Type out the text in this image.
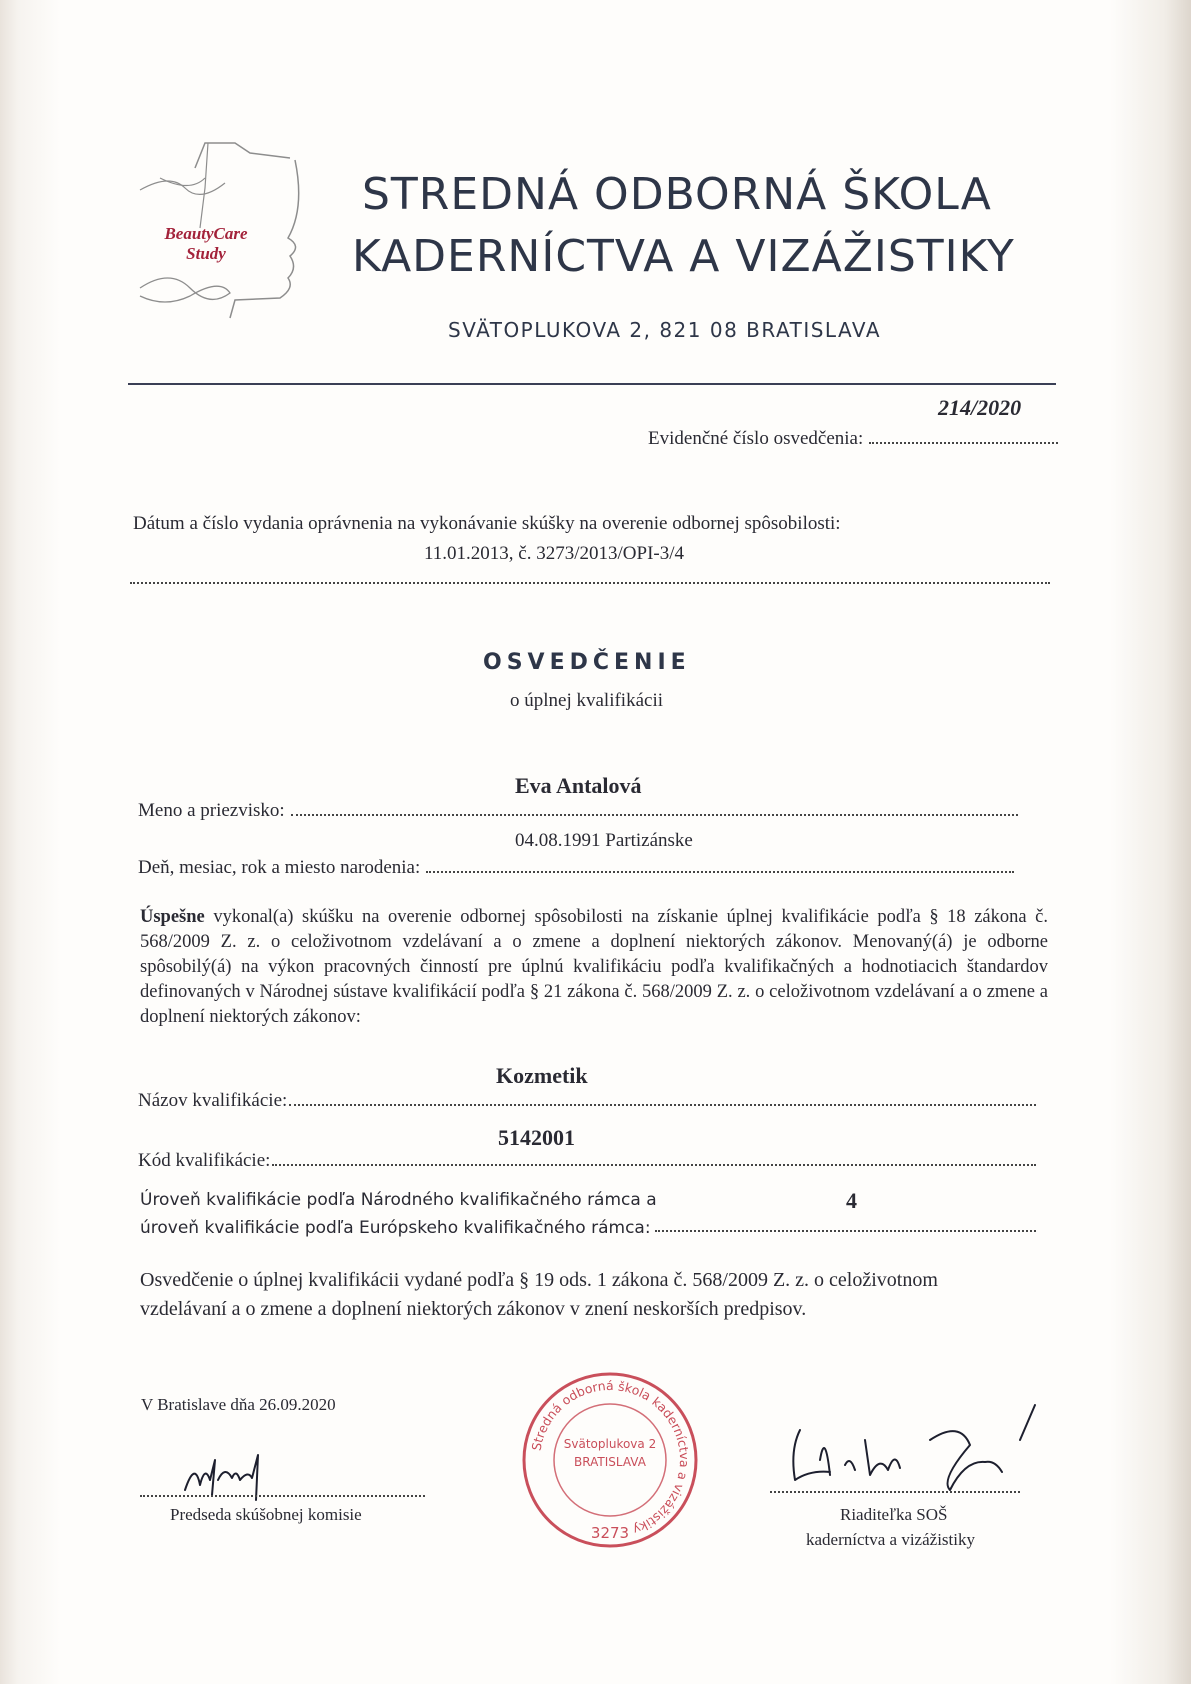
BeautyCare
Study
STREDNÁ ODBORNÁ ŠKOLA
KADERNÍCTVA A VIZÁŽISTIKY
SVÄTOPLUKOVA 2, 821 08 BRATISLAVA
214/2020
Evidenčné číslo osvedčenia:
Dátum a číslo vydania oprávnenia na vykonávanie skúšky na overenie odbornej spôsobilosti:
11.01.2013, č. 3273/2013/OPI-3/4
OSVEDČENIE
o úplnej kvalifikácii
Eva Antalová
Meno a priezvisko:
04.08.1991 Partizánske
Deň, mesiac, rok a miesto narodenia:
Úspešne vykonal(a) skúšku na overenie odbornej spôsobilosti na získanie úplnej kvalifikácie podľa § 18 zákona č. 568/2009 Z. z. o celoživotnom vzdelávaní a o zmene a doplnení niektorých zákonov. Menovaný(á) je odborne spôsobilý(á) na výkon pracovných činností pre úplnú kvalifikáciu podľa kvalifikačných a hodnotiacich štandardov definovaných v Národnej sústave kvalifikácií podľa § 21 zákona č. 568/2009 Z. z. o celoživotnom vzdelávaní a o zmene a doplnení niektorých zákonov:
Kozmetik
Názov kvalifikácie:
5142001
Kód kvalifikácie:
Úroveň kvalifikácie podľa Národného kvalifikačného rámca a	4
úroveň kvalifikácie podľa Európskeho kvalifikačného rámca:
Osvedčenie o úplnej kvalifikácii vydané podľa § 19 ods. 1 zákona č. 568/2009 Z. z. o celoživotnom vzdelávaní a o zmene a doplnení niektorých zákonov v znení neskorších predpisov.
V Bratislave dňa 26.09.2020
Predseda skúšobnej komisie
Stredná odborná škola kaderníctva a vizážistiky
Svätoplukova 2
BRATISLAVA
3273
Riaditeľka SOŠ
kaderníctva a vizážistiky
